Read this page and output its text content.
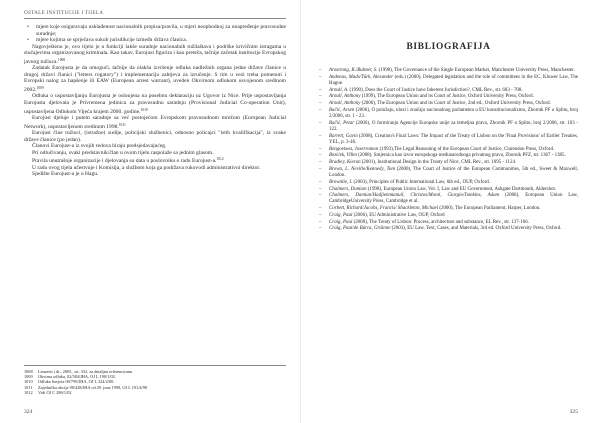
OSTALE INSTITUCIJE I TIJELA
• mjere koje osiguravaju usklađenost nacionalnih propisa/pravila, u mjeri neophodnoj za unapređenje pravosudne suradnje;
• mjere kojima se sprječava sukob jurisdikcije između država članica.

Nagovještenu je, ovo tijelo je u funkciji lakše suradnje nacionalnih tužilaštava i podrške krivičnim istragama u slučajevima organizovanog kriminala. Kao takav, Eurojust figurira i kao preteča, tačnije začetak institucije Evropskog javnog tužioca.$^{1008}$

Zadatak Eurojusta je da omogući, tačnije da olakša izvršenje odluka nadležnih organa jedne države članice u drugoj državi članici ("letters rogatory") i implementaciju zahtjeva za izručenje. S tim u vezi treba pomenuti i Evropski nalog za hapšenje ili EAW (European arrest warrant), uveden Okvirnom odlukom usvojenom sredinom 2002.$^{1009}$

Odluka o uspostavljanju Eurojusta je oslonjena na posebnu deklaraciju uz Ugovor iz Nice. Prije uspostavljanja Eurojusta djelovala je Privremena jedinica za pravosudnu saradnju (Provisional Judicial Co-operation Unit), uspostavljena Odlukom Vijeća krajem 2000. godine.$^{1010}$

Eurojust djeluje i putem saradnje sa već postojećom Evropskom pravosudnom mrežom (European Judicial Network), uspostavljenom sredinom 1998.$^{1011}$

Eurojust čine tužioci, (istražne) sudije, policijski službenici, odnosno policajci "istih kvalifikacija", iz svake države članice (po jedan).

Članovi Eurojust-a iz svojih redova biraju predsjedavajućeg.

Pri odlučivanju, svaki predstavnik/član u ovom tijelu raspolaže sa jednim glasom.

Pravila unutrašnje organizacije i djelovanja su data u poslovniku o radu Eurojust-a.$^{1012}$

U radu ovog tijela učestvuje i Komisija, a službom koja ga podržava rukovodi administrativni direktor.

Sjedište Eurojust-a je u Hagu.

1008	Lenaerts i dr., 2005., str. 332, za detaljnu referenciranu.
1009	Okvirna odluka, 02/584/JHA, OJ L 190/1/02.
1010	Odluka Savjeta 00/799/JHA, OJ L 324/2/00.
1011	Zajednička akcija 98/428/JHA od 29. juna 1998, OJ L 191/4/98
1012	Vidi OJ C 286/1/02
324
BIBLIOGRAFIJA
– Arnstrong, K./Bulmer, S. (1998), The Governance of the Single European Market, Manchester University Press, Manchester.
– Andenas, Mads/Türk, Alexander (eds.) (2000), Delegated legislation and the role of committees in the EC, Kluwer Law, The Hague.
– Arnull, A. (1990), Does the Court of Justice have Inherent Jurisdiction?, CML Rev., str. 683 - 708.
– Arnull, Anthony (1999), The European Union and its Court of Justice, Oxford University Press, Oxford.
– Arnull, Anthony (2006), The European Union and its Court of Justice, 2nd ed., Oxford University Press, Oxford.
– Bačić, Arsen (2006), O položaju, ulozi i značaju nacionalnog parlamenta u EU konstitucionalizmu, Zbornik PF u Splitu, broj 2/2006, str. 1 - 23.
– Bačić, Petar (2006), O formiranju Agencije Europske unije za temeljna prava, Zbornik PF u Splitu, broj 2/2006, str. 103 - 122.
– Barrett, Gavin (2008), Creation's Final Laws: The Impact of the Treaty of Lisbon on the 'Final Provisions' of Earlier Treaties, YEL, p. 3-46.
– Bengoetxea, Joxerramon (1993),The Legal Reasoning of the European Court of Justice, Clarendon Press, Oxford.
– Bezićek, Vilim (2008), Smjernica kao izvor europskoga međunarodnoga privatnog prava, Zbornik PFZ, str. 1367 - 1385.
– Bradley, Kieran (2001), Institutional Design in the Treaty of Nice, CML Rev., str. 1095 - 1124.
– Brown, L. Neville/Kennedy, Tom (2000), The Court of Justice of the European Communities, 5th ed., Sweet & Maxwell, London.
– Brownlie, I. (2003), Principles of Public International Law, 6th ed., OUP, Oxford.
– Chalmers, Damian (1998), European Union Law, Vol. I, Law and EU Government, Ashgate Dartmouth, Aldershot.
– Chalmers, Damian/Hadjiemmanuil, Christos/Monti, Giorgio/Tomkins, Adam (2006), European Union Law, CambridgeUniversity Press, Cambridge et al.
– Corbett, Richard/Jacobs, Francis/ Shackleton, Michael (2000), The European Parliament, Harper, London.
– Craig, Paul (2006), EU Administrative Law, OUP, Oxford
– Craig, Paul (2008), The Treaty of Lisbon: Process, architecture and substance, EL Rev., str. 137-166.
– Craig, Paul/de Búrca, Gráinne (2003), EU Law. Text, Cases, and Materials, 3rd ed. Oxford University Press, Oxford.
325
